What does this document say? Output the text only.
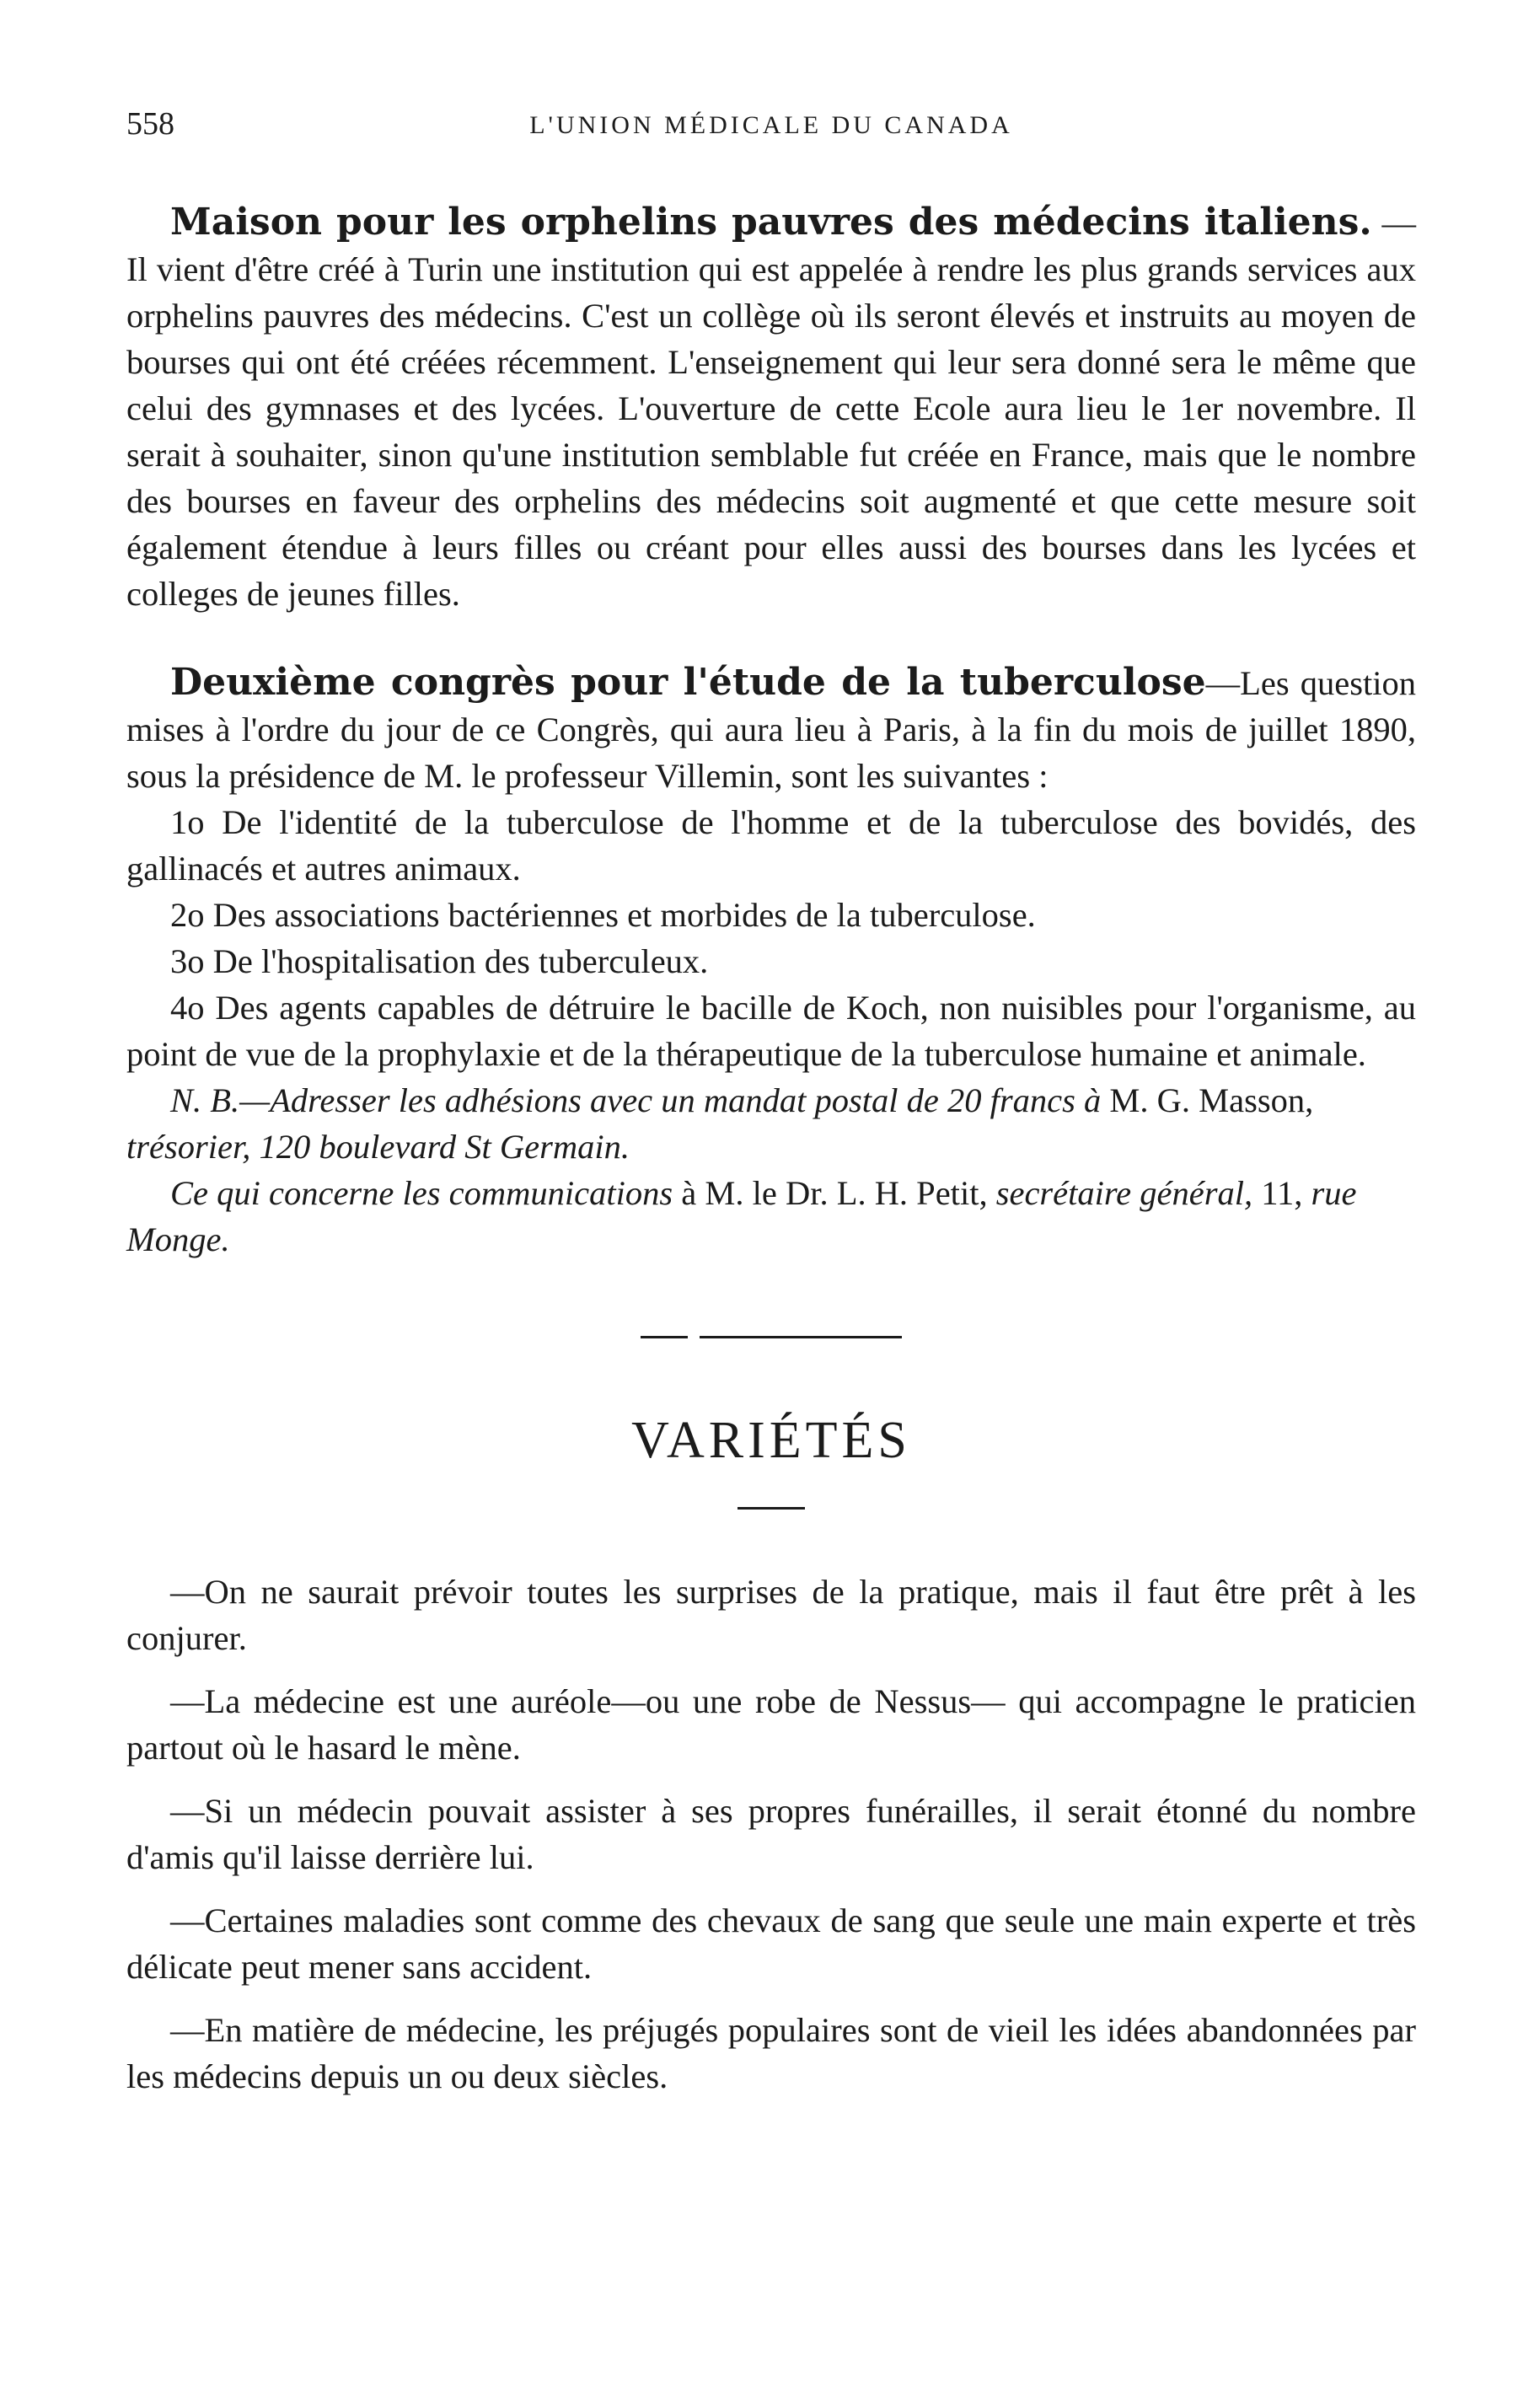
558	L'UNION MÉDICALE DU CANADA

Maison pour les orphelins pauvres des médecins italiens. —Il vient d'être créé à Turin une institution qui est appelée à rendre les plus grands services aux orphelins pauvres des médecins. C'est un collège où ils seront élevés et instruits au moyen de bourses qui ont été créées récemment. L'enseignement qui leur sera donné sera le même que celui des gymnases et des lycées. L'ouverture de cette Ecole aura lieu le 1er novembre. Il serait à souhaiter, sinon qu'une institution semblable fut créée en France, mais que le nombre des bourses en faveur des orphelins des médecins soit augmenté et que cette mesure soit également étendue à leurs filles ou créant pour elles aussi des bourses dans les lycées et colleges de jeunes filles.

Deuxième congrès pour l'étude de la tuberculose—Les question mises à l'ordre du jour de ce Congrès, qui aura lieu à Paris, à la fin du mois de juillet 1890, sous la présidence de M. le professeur Villemin, sont les suivantes :

1o De l'identité de la tuberculose de l'homme et de la tuberculose des bovidés, des gallinacés et autres animaux.

2o Des associations bactériennes et morbides de la tuberculose.

3o De l'hospitalisation des tuberculeux.

4o Des agents capables de détruire le bacille de Koch, non nuisibles pour l'organisme, au point de vue de la prophylaxie et de la thérapeutique de la tuberculose humaine et animale.

N. B.—Adresser les adhésions avec un mandat postal de 20 francs à M. G. Masson, trésorier, 120 boulevard St Germain.

Ce qui concerne les communications à M. le Dr. L. H. Petit, secrétaire général, 11, rue Monge.

VARIÉTÉS

—On ne saurait prévoir toutes les surprises de la pratique, mais il faut être prêt à les conjurer.

—La médecine est une auréole—ou une robe de Nessus— qui accompagne le praticien partout où le hasard le mène.

—Si un médecin pouvait assister à ses propres funérailles, il serait étonné du nombre d'amis qu'il laisse derrière lui.

—Certaines maladies sont comme des chevaux de sang que seule une main experte et très délicate peut mener sans accident.

—En matière de médecine, les préjugés populaires sont de vieil les idées abandonnées par les médecins depuis un ou deux siècles.
